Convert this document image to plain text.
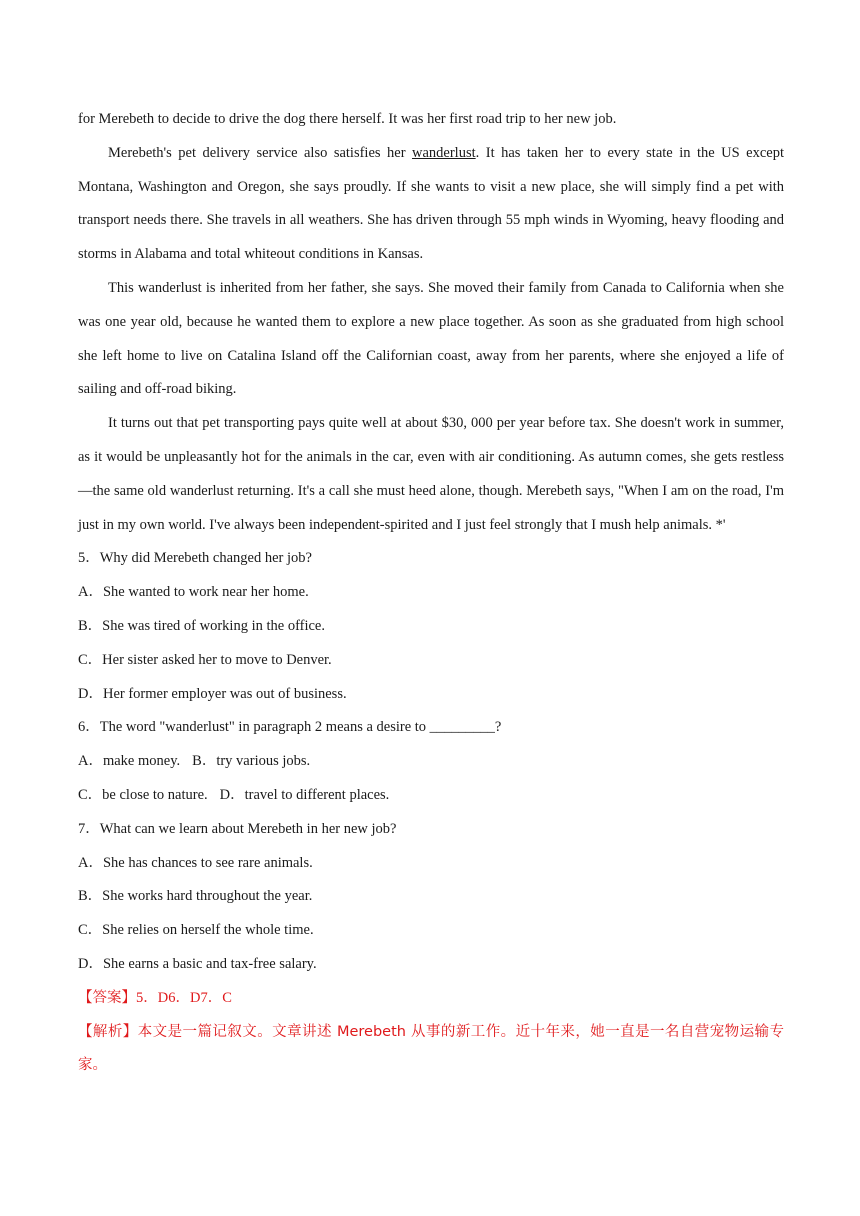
for Merebeth to decide to drive the dog there herself. It was her first road trip to her new job.

Merebeth's pet delivery service also satisfies her wanderlust. It has taken her to every state in the US except Montana, Washington and Oregon, she says proudly. If she wants to visit a new place, she will simply find a pet with transport needs there. She travels in all weathers. She has driven through 55 mph winds in Wyoming, heavy flooding and storms in Alabama and total whiteout conditions in Kansas.

This wanderlust is inherited from her father, she says. She moved their family from Canada to California when she was one year old, because he wanted them to explore a new place together. As soon as she graduated from high school she left home to live on Catalina Island off the Californian coast, away from her parents, where she enjoyed a life of sailing and off-road biking.

It turns out that pet transporting pays quite well at about $30, 000 per year before tax. She doesn't work in summer, as it would be unpleasantly hot for the animals in the car, even with air conditioning. As autumn comes, she gets restless—the same old wanderlust returning. It's a call she must heed alone, though. Merebeth says, "When I am on the road, I'm just in my own world. I've always been independent-spirited and I just feel strongly that I mush help animals. *'

5．Why did Merebeth changed her job?

A．She wanted to work near her home.

B．She was tired of working in the office.

C．Her sister asked her to move to Denver.

D．Her former employer was out of business.

6．The word "wanderlust" in paragraph 2 means a desire to _________?

A．make money. B．try various jobs.

C．be close to nature. D．travel to different places.

7．What can we learn about Merebeth in her new job?

A．She has chances to see rare animals.

B．She works hard throughout the year.

C．She relies on herself the whole time.

D．She earns a basic and tax-free salary.

【答案】5．D6．D7．C

【解析】本文是一篇记叙文。文章讲述 Merebeth 从事的新工作。近十年来，她一直是一名自营宠物运输专家。
